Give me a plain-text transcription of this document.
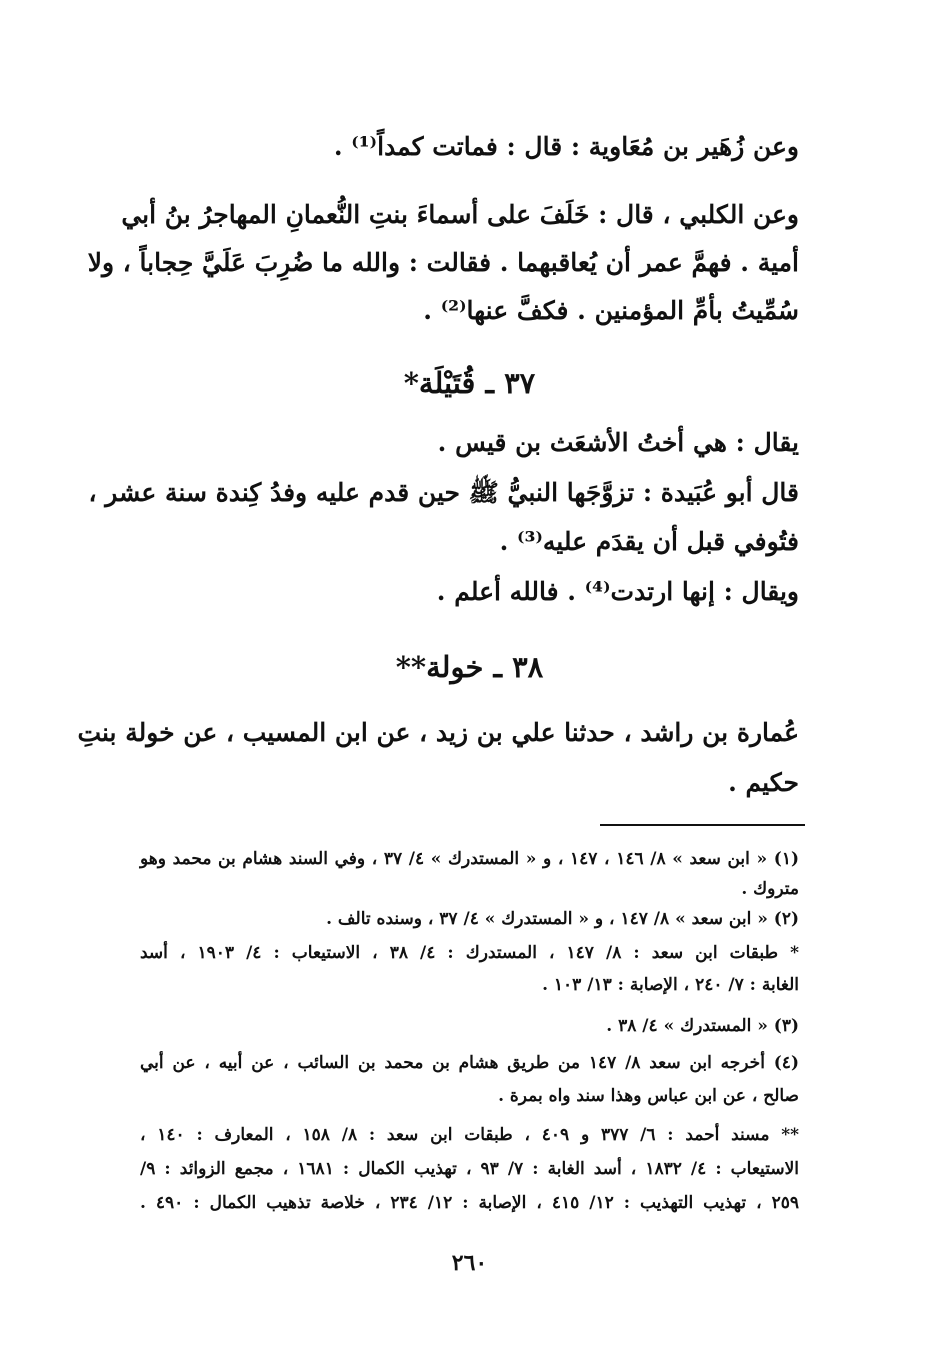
وعن زُهَير بن مُعَاوية : قال : فماتت كمداً⁽¹⁾ .
وعن الكلبي ، قال : خَلَفَ على أسماءَ بنتِ النُّعمانِ المهاجرُ بنُ أبي
أمية . فهمَّ عمر أن يُعاقبهما . فقالت : والله ما ضُرِبَ عَلَيَّ حِجاباً ، ولا
سُمِّيتُ بأمِّ المؤمنين . فكفَّ عنها⁽²⁾ .
٣٧ ـ قُتَيْلَة*
يقال : هي أختُ الأشعَث بن قيس .
قال أبو عُبَيدة : تزوَّجَها النبيُّ ﷺ حين قدم عليه وفدُ كِندة سنة عشر ،
فتُوفي قبل أن يقدَم عليه⁽³⁾ .
ويقال : إنها ارتدت⁽⁴⁾ . فالله أعلم .
٣٨ ـ خولة**
عُمارة بن راشد ، حدثنا علي بن زيد ، عن ابن المسيب ، عن خولة بنتِ
حكيم .
(١) « ابن سعد » ٨/ ١٤٦ ، ١٤٧ ، و « المستدرك » ٤/ ٣٧ ، وفي السند هشام بن محمد وهو
متروك .
(٢) « ابن سعد » ٨/ ١٤٧ ، و « المستدرك » ٤/ ٣٧ ، وسنده تالف .
* طبقات ابن سعد : ٨/ ١٤٧ ، المستدرك : ٤/ ٣٨ ، الاستيعاب : ٤/ ١٩٠٣ ، أسد
الغابة : ٧/ ٢٤٠ ، الإصابة : ١٣/ ١٠٣ .
(٣) « المستدرك » ٤/ ٣٨ .
(٤) أخرجه ابن سعد ٨/ ١٤٧ من طريق هشام بن محمد بن السائب ، عن أبيه ، عن أبي
صالح ، عن ابن عباس وهذا سند واه بمرة .
** مسند أحمد : ٦/ ٣٧٧ و ٤٠٩ ، طبقات ابن سعد : ٨/ ١٥٨ ، المعارف : ١٤٠ ،
الاستيعاب : ٤/ ١٨٣٢ ، أسد الغابة : ٧/ ٩٣ ، تهذيب الكمال : ١٦٨١ ، مجمع الزوائد : ٩/
٢٥٩ ، تهذيب التهذيب : ١٢/ ٤١٥ ، الإصابة : ١٢/ ٢٣٤ ، خلاصة تذهيب الكمال : ٤٩٠ .
٢٦٠
